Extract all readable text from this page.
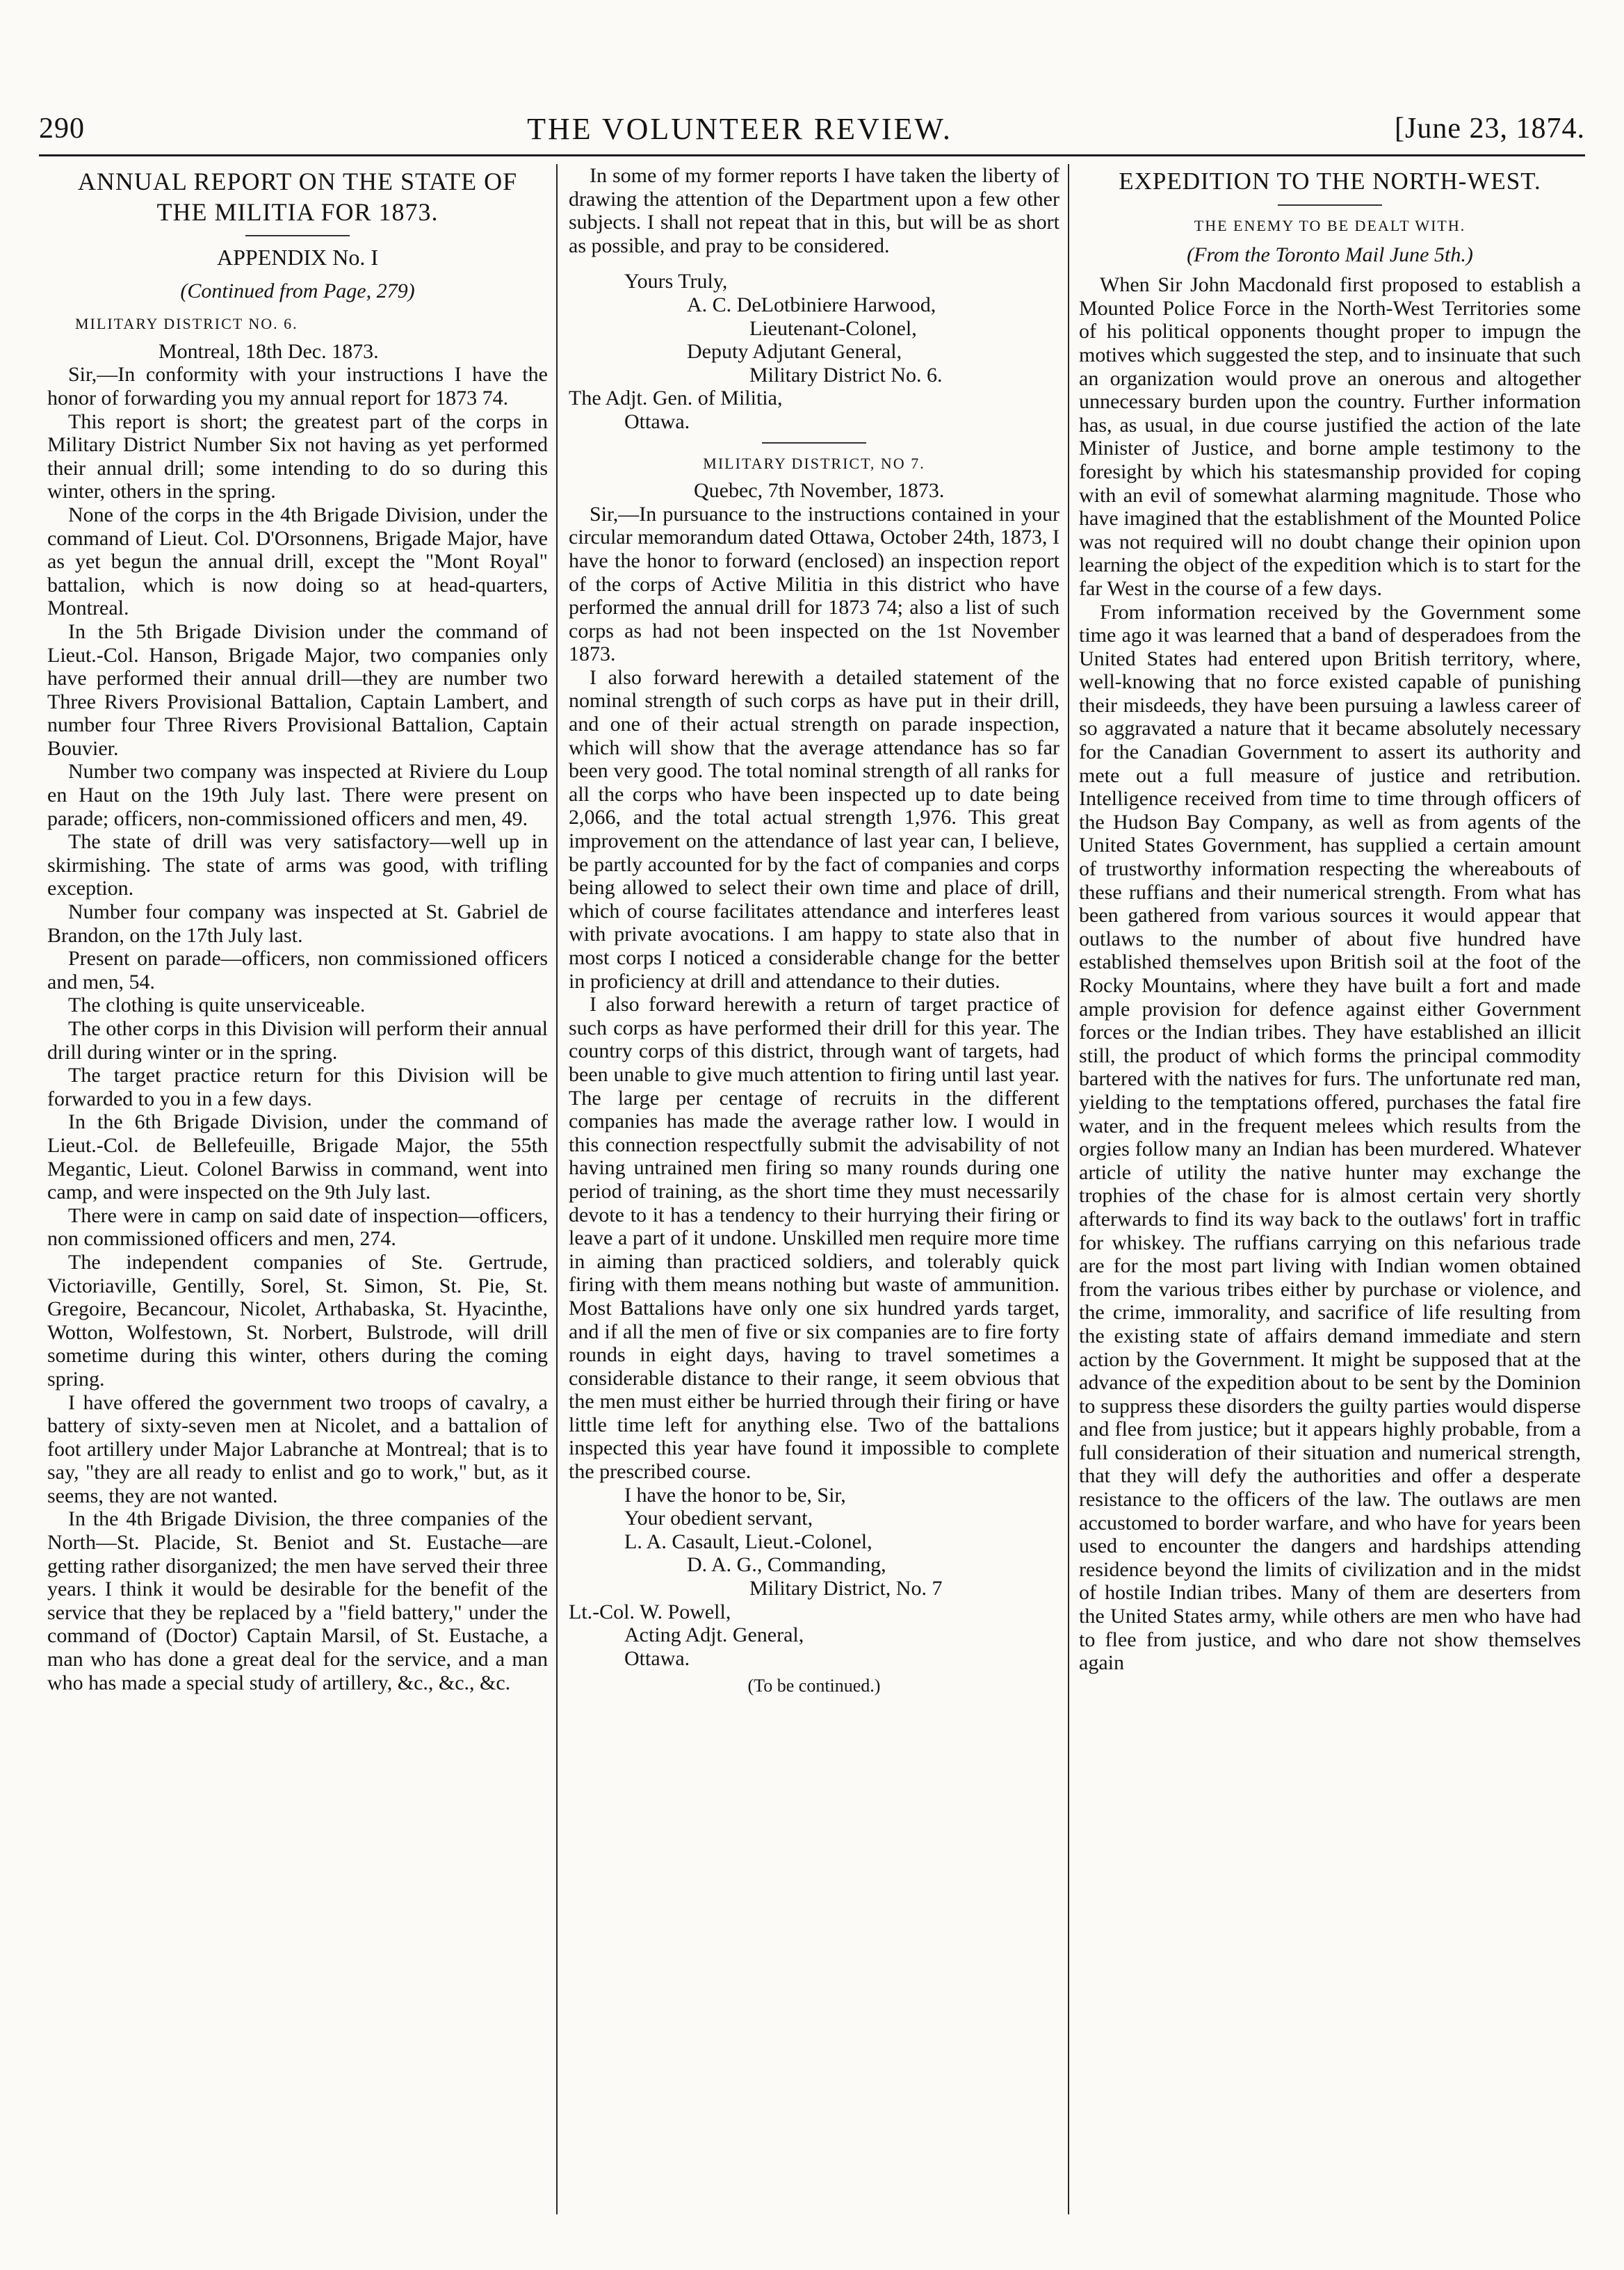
290	THE VOLUNTEER REVIEW.	[June 23, 1874.

ANNUAL REPORT ON THE STATE OF

THE MILITIA FOR 1873.

APPENDIX No. I

(Continued from Page, 279)

MILITARY DISTRICT NO. 6.

Montreal, 18th Dec. 1873.

Sir,—In conformity with your instructions I have the honor of forwarding you my annual report for 1873 74.

This report is short; the greatest part of the corps in Military District Number Six not having as yet performed their annual drill; some intending to do so during this winter, others in the spring.

None of the corps in the 4th Brigade Division, under the command of Lieut. Col. D'Orsonnens, Brigade Major, have as yet begun the annual drill, except the "Mont Royal" battalion, which is now doing so at head-quarters, Montreal.

In the 5th Brigade Division under the command of Lieut.-Col. Hanson, Brigade Major, two companies only have performed their annual drill—they are number two Three Rivers Provisional Battalion, Captain Lambert, and number four Three Rivers Provisional Battalion, Captain Bouvier.

Number two company was inspected at Riviere du Loup en Haut on the 19th July last. There were present on parade; officers, non-commissioned officers and men, 49.

The state of drill was very satisfactory—well up in skirmishing. The state of arms was good, with trifling exception.

Number four company was inspected at St. Gabriel de Brandon, on the 17th July last.

Present on parade—officers, non commissioned officers and men, 54.

The clothing is quite unserviceable.

The other corps in this Division will perform their annual drill during winter or in the spring.

The target practice return for this Division will be forwarded to you in a few days.

In the 6th Brigade Division, under the command of Lieut.-Col. de Bellefeuille, Brigade Major, the 55th Megantic, Lieut. Colonel Barwiss in command, went into camp, and were inspected on the 9th July last.

There were in camp on said date of inspection—officers, non commissioned officers and men, 274.

The independent companies of Ste. Gertrude, Victoriaville, Gentilly, Sorel, St. Simon, St. Pie, St. Gregoire, Becancour, Nicolet, Arthabaska, St. Hyacinthe, Wotton, Wolfestown, St. Norbert, Bulstrode, will drill sometime during this winter, others during the coming spring.

I have offered the government two troops of cavalry, a battery of sixty-seven men at Nicolet, and a battalion of foot artillery under Major Labranche at Montreal; that is to say, "they are all ready to enlist and go to work," but, as it seems, they are not wanted.

In the 4th Brigade Division, the three companies of the North—St. Placide, St. Beniot and St. Eustache—are getting rather disorganized; the men have served their three years. I think it would be desirable for the benefit of the service that they be replaced by a "field battery," under the command of (Doctor) Captain Marsil, of St. Eustache, a man who has done a great deal for the service, and a man who has made a special study of artillery, &c., &c., &c.

In some of my former reports I have taken the liberty of drawing the attention of the Department upon a few other subjects. I shall not repeat that in this, but will be as short as possible, and pray to be considered.

Yours Truly,

A. C. DeLotbiniere Harwood,

Lieutenant-Colonel,

Deputy Adjutant General,

Military District No. 6.

The Adjt. Gen. of Militia,

Ottawa.

MILITARY DISTRICT, NO 7.

Quebec, 7th November, 1873.

Sir,—In pursuance to the instructions contained in your circular memorandum dated Ottawa, October 24th, 1873, I have the honor to forward (enclosed) an inspection report of the corps of Active Militia in this district who have performed the annual drill for 1873 74; also a list of such corps as had not been inspected on the 1st November 1873.

I also forward herewith a detailed statement of the nominal strength of such corps as have put in their drill, and one of their actual strength on parade inspection, which will show that the average attendance has so far been very good. The total nominal strength of all ranks for all the corps who have been inspected up to date being 2,066, and the total actual strength 1,976. This great improvement on the attendance of last year can, I believe, be partly accounted for by the fact of companies and corps being allowed to select their own time and place of drill, which of course facilitates attendance and interferes least with private avocations. I am happy to state also that in most corps I noticed a considerable change for the better in proficiency at drill and attendance to their duties.

I also forward herewith a return of target practice of such corps as have performed their drill for this year. The country corps of this district, through want of targets, had been unable to give much attention to firing until last year. The large per centage of recruits in the different companies has made the average rather low. I would in this connection respectfully submit the advisability of not having untrained men firing so many rounds during one period of training, as the short time they must necessarily devote to it has a tendency to their hurrying their firing or leave a part of it undone. Unskilled men require more time in aiming than practiced soldiers, and tolerably quick firing with them means nothing but waste of ammunition. Most Battalions have only one six hundred yards target, and if all the men of five or six companies are to fire forty rounds in eight days, having to travel sometimes a considerable distance to their range, it seem obvious that the men must either be hurried through their firing or have little time left for anything else. Two of the battalions inspected this year have found it impossible to complete the prescribed course.

I have the honor to be, Sir,

Your obedient servant,

L. A. Casault, Lieut.-Colonel,

D. A. G., Commanding,

Military District, No. 7

Lt.-Col. W. Powell,

Acting Adjt. General,

Ottawa.

(To be continued.)

EXPEDITION TO THE NORTH-WEST.

THE ENEMY TO BE DEALT WITH.

(From the Toronto Mail June 5th.)

When Sir John Macdonald first proposed to establish a Mounted Police Force in the North-West Territories some of his political opponents thought proper to impugn the motives which suggested the step, and to insinuate that such an organization would prove an onerous and altogether unnecessary burden upon the country. Further information has, as usual, in due course justified the action of the late Minister of Justice, and borne ample testimony to the foresight by which his statesmanship provided for coping with an evil of somewhat alarming magnitude. Those who have imagined that the establishment of the Mounted Police was not required will no doubt change their opinion upon learning the object of the expedition which is to start for the far West in the course of a few days.

From information received by the Government some time ago it was learned that a band of desperadoes from the United States had entered upon British territory, where, well-knowing that no force existed capable of punishing their misdeeds, they have been pursuing a lawless career of so aggravated a nature that it became absolutely necessary for the Canadian Government to assert its authority and mete out a full measure of justice and retribution. Intelligence received from time to time through officers of the Hudson Bay Company, as well as from agents of the United States Government, has supplied a certain amount of trustworthy information respecting the whereabouts of these ruffians and their numerical strength. From what has been gathered from various sources it would appear that outlaws to the number of about five hundred have established themselves upon British soil at the foot of the Rocky Mountains, where they have built a fort and made ample provision for defence against either Government forces or the Indian tribes. They have established an illicit still, the product of which forms the principal commodity bartered with the natives for furs. The unfortunate red man, yielding to the temptations offered, purchases the fatal fire water, and in the frequent melees which results from the orgies follow many an Indian has been murdered. Whatever article of utility the native hunter may exchange the trophies of the chase for is almost certain very shortly afterwards to find its way back to the outlaws' fort in traffic for whiskey. The ruffians carrying on this nefarious trade are for the most part living with Indian women obtained from the various tribes either by purchase or violence, and the crime, immorality, and sacrifice of life resulting from the existing state of affairs demand immediate and stern action by the Government. It might be supposed that at the advance of the expedition about to be sent by the Dominion to suppress these disorders the guilty parties would disperse and flee from justice; but it appears highly probable, from a full consideration of their situation and numerical strength, that they will defy the authorities and offer a desperate resistance to the officers of the law. The outlaws are men accustomed to border warfare, and who have for years been used to encounter the dangers and hardships attending residence beyond the limits of civilization and in the midst of hostile Indian tribes. Many of them are deserters from the United States army, while others are men who have had to flee from justice, and who dare not show themselves again
